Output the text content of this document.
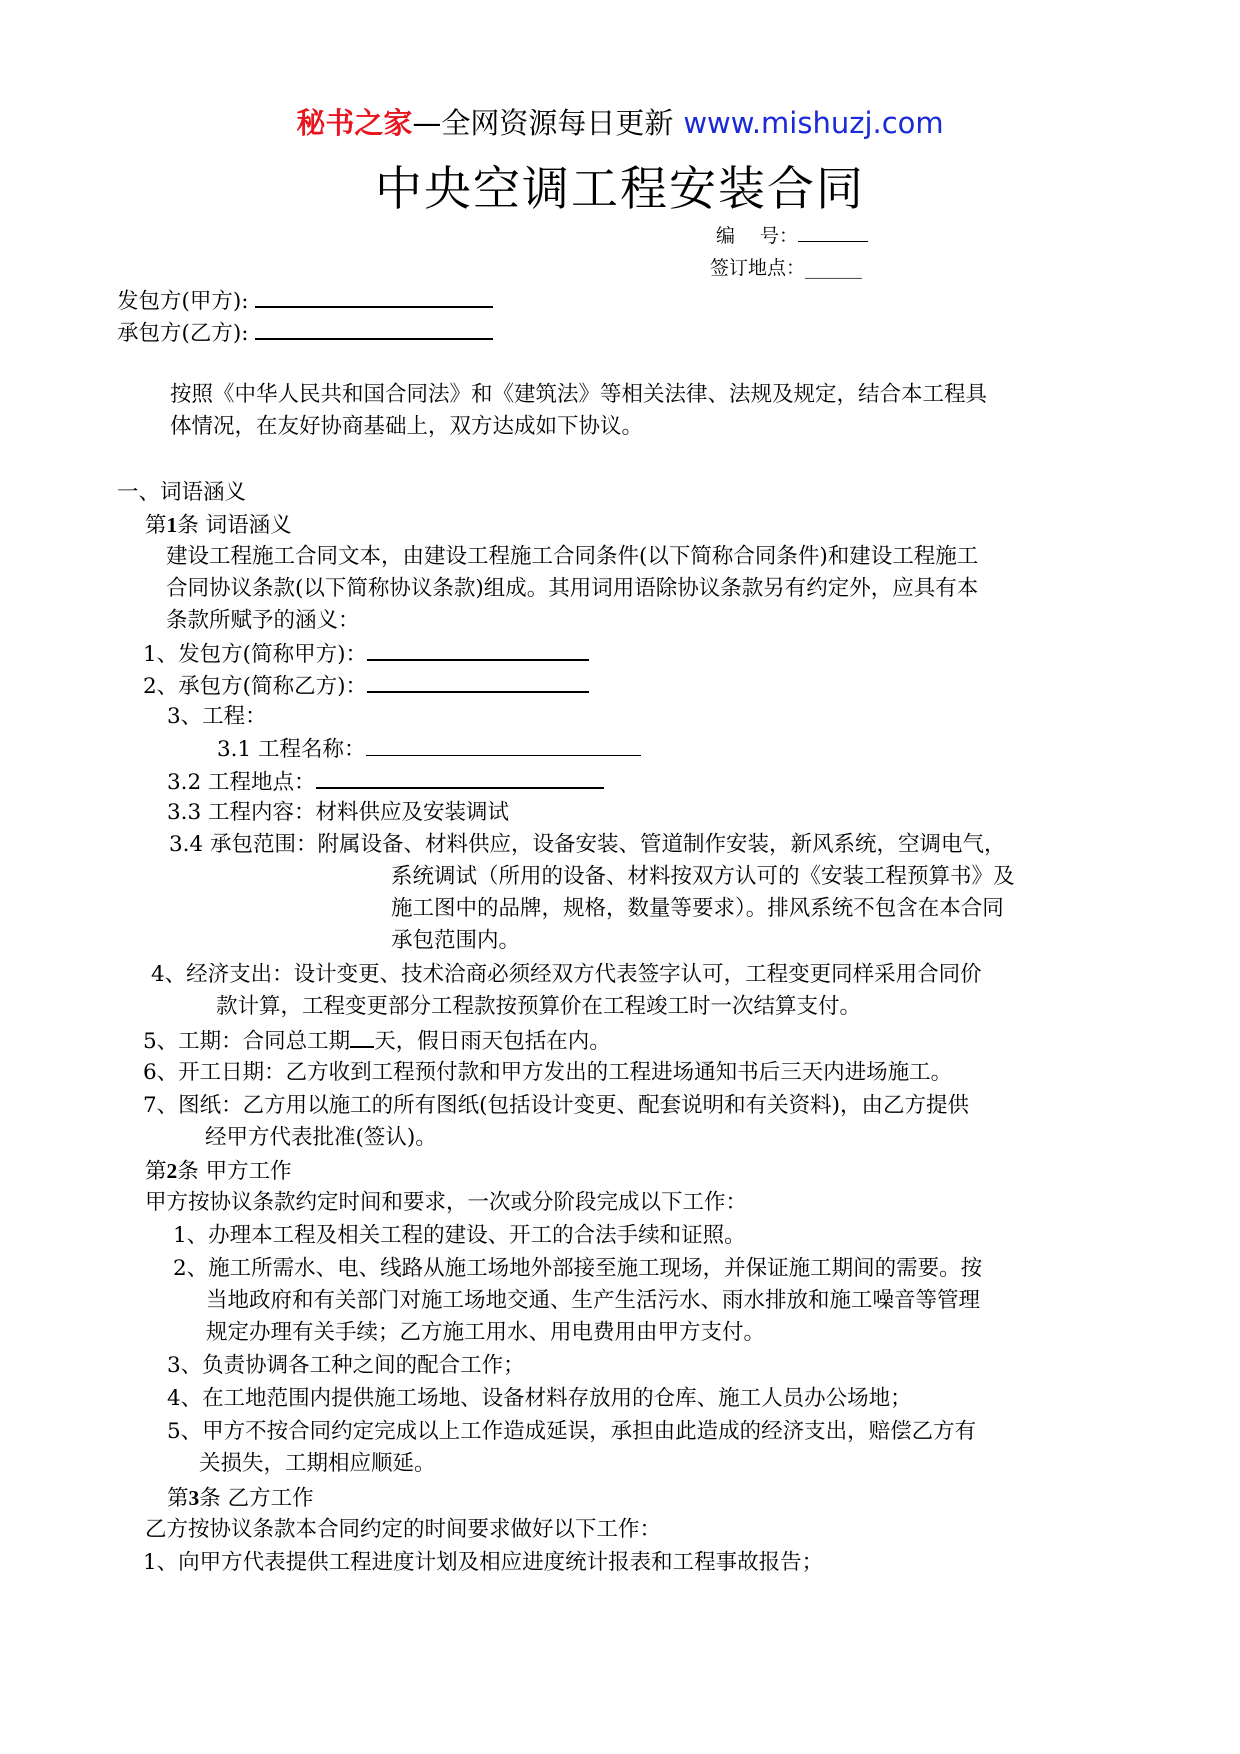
秘书之家—全网资源每日更新 www.mishuzj.com
中央空调工程安装合同
编　 号：
签订地点：______
发包方(甲方):
承包方(乙方):
按照《中华人民共和国合同法》和《建筑法》等相关法律、法规及规定，结合本工程具
体情况，在友好协商基础上，双方达成如下协议。
一、词语涵义
第1条 词语涵义
建设工程施工合同文本，由建设工程施工合同条件(以下简称合同条件)和建设工程施工
合同协议条款(以下简称协议条款)组成。其用词用语除协议条款另有约定外，应具有本
条款所赋予的涵义：
1、发包方(简称甲方)：
2、承包方(简称乙方)：
3、工程：
3.1 工程名称：
3.2 工程地点：
3.3 工程内容：材料供应及安装调试
3.4 承包范围：附属设备、材料供应，设备安装、管道制作安装，新风系统，空调电气，
系统调试（所用的设备、材料按双方认可的《安装工程预算书》及
施工图中的品牌，规格，数量等要求）。排风系统不包含在本合同
承包范围内。
4、经济支出：设计变更、技术洽商必须经双方代表签字认可，工程变更同样采用合同价
款计算，工程变更部分工程款按预算价在工程竣工时一次结算支付。
5、工期：合同总工期 天，假日雨天包括在内。
6、开工日期：乙方收到工程预付款和甲方发出的工程进场通知书后三天内进场施工。
7、图纸：乙方用以施工的所有图纸(包括设计变更、配套说明和有关资料)，由乙方提供
经甲方代表批准(签认)。
第2条 甲方工作
甲方按协议条款约定时间和要求，一次或分阶段完成以下工作：
1、办理本工程及相关工程的建设、开工的合法手续和证照。
2、施工所需水、电、线路从施工场地外部接至施工现场，并保证施工期间的需要。按
当地政府和有关部门对施工场地交通、生产生活污水、雨水排放和施工噪音等管理
规定办理有关手续；乙方施工用水、用电费用由甲方支付。
3、负责协调各工种之间的配合工作；
4、在工地范围内提供施工场地、设备材料存放用的仓库、施工人员办公场地；
5、甲方不按合同约定完成以上工作造成延误，承担由此造成的经济支出，赔偿乙方有
关损失，工期相应顺延。
第3条 乙方工作
乙方按协议条款本合同约定的时间要求做好以下工作：
1、向甲方代表提供工程进度计划及相应进度统计报表和工程事故报告；
